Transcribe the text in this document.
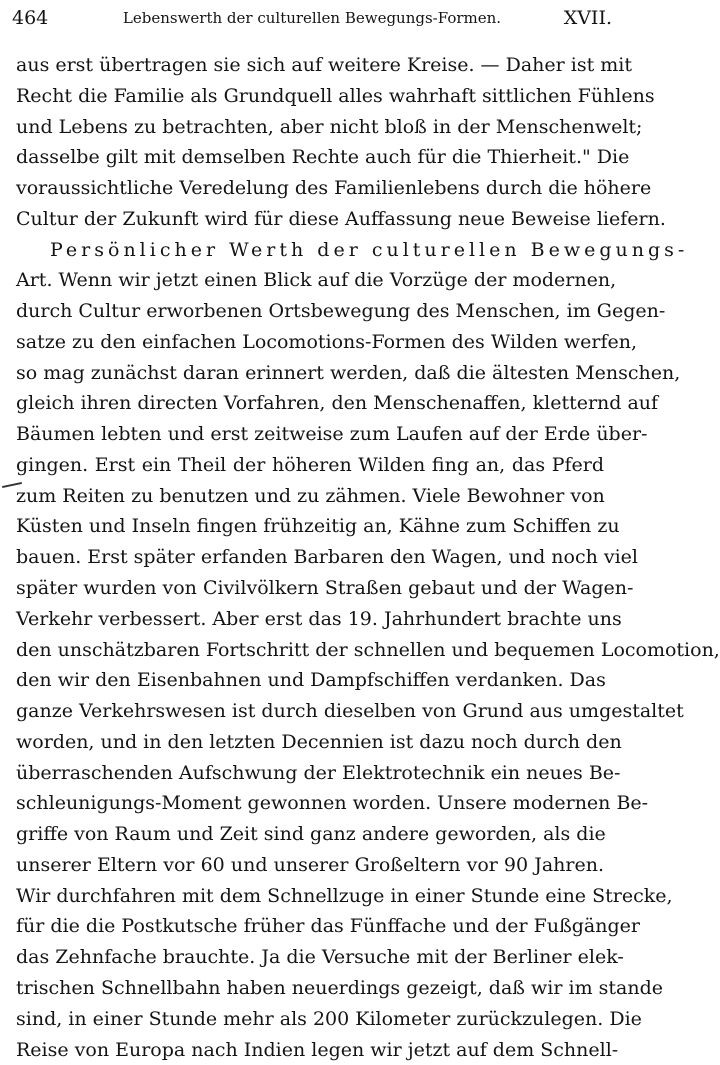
464	Lebenswerth der culturellen Bewegungs-Formen.	XVII.
aus erst übertragen sie sich auf weitere Kreise. — Daher ist mit
Recht die Familie als Grundquell alles wahrhaft sittlichen Fühlens
und Lebens zu betrachten, aber nicht bloß in der Menschenwelt;
dasselbe gilt mit demselben Rechte auch für die Thierheit." Die
voraussichtliche Veredelung des Familienlebens durch die höhere
Cultur der Zukunft wird für diese Auffassung neue Beweise liefern.
Persönlicher Werth der culturellen Bewegungs-
Art. Wenn wir jetzt einen Blick auf die Vorzüge der modernen,
durch Cultur erworbenen Ortsbewegung des Menschen, im Gegen-
satze zu den einfachen Locomotions-Formen des Wilden werfen,
so mag zunächst daran erinnert werden, daß die ältesten Menschen,
gleich ihren directen Vorfahren, den Menschenaffen, kletternd auf
Bäumen lebten und erst zeitweise zum Laufen auf der Erde über-
gingen. Erst ein Theil der höheren Wilden fing an, das Pferd
zum Reiten zu benutzen und zu zähmen. Viele Bewohner von
Küsten und Inseln fingen frühzeitig an, Kähne zum Schiffen zu
bauen. Erst später erfanden Barbaren den Wagen, und noch viel
später wurden von Civilvölkern Straßen gebaut und der Wagen-
Verkehr verbessert. Aber erst das 19. Jahrhundert brachte uns
den unschätzbaren Fortschritt der schnellen und bequemen Locomotion,
den wir den Eisenbahnen und Dampfschiffen verdanken. Das
ganze Verkehrswesen ist durch dieselben von Grund aus umgestaltet
worden, und in den letzten Decennien ist dazu noch durch den
überraschenden Aufschwung der Elektrotechnik ein neues Be-
schleunigungs-Moment gewonnen worden. Unsere modernen Be-
griffe von Raum und Zeit sind ganz andere geworden, als die
unserer Eltern vor 60 und unserer Großeltern vor 90 Jahren.
Wir durchfahren mit dem Schnellzuge in einer Stunde eine Strecke,
für die die Postkutsche früher das Fünffache und der Fußgänger
das Zehnfache brauchte. Ja die Versuche mit der Berliner elek-
trischen Schnellbahn haben neuerdings gezeigt, daß wir im stande
sind, in einer Stunde mehr als 200 Kilometer zurückzulegen. Die
Reise von Europa nach Indien legen wir jetzt auf dem Schnell-
